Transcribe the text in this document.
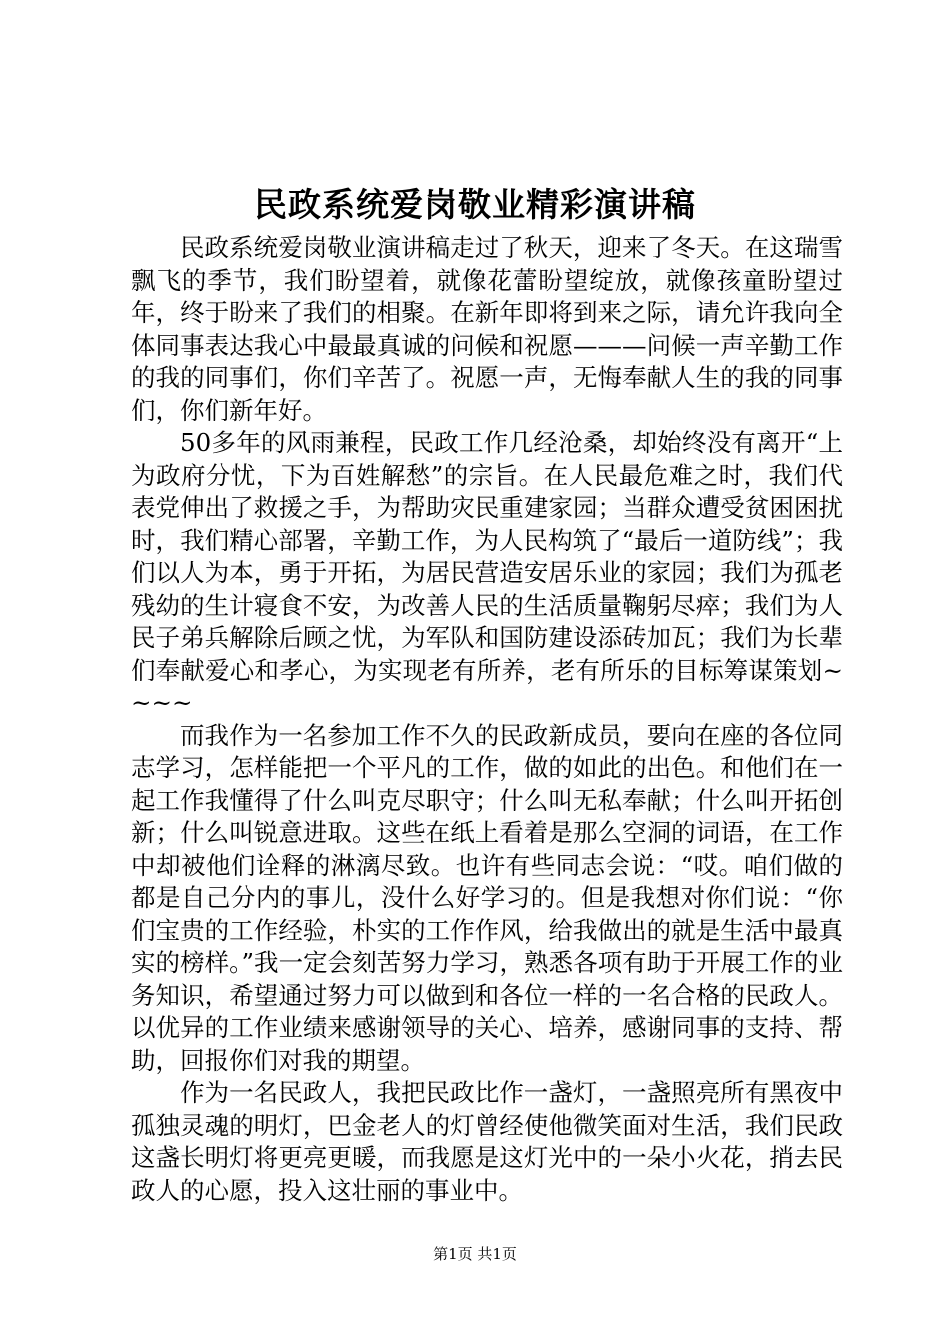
民政系统爱岗敬业精彩演讲稿

民政系统爱岗敬业演讲稿走过了秋天，迎来了冬天。在这瑞雪飘飞的季节，我们盼望着，就像花蕾盼望绽放，就像孩童盼望过年，终于盼来了我们的相聚。在新年即将到来之际，请允许我向全体同事表达我心中最最真诚的问候和祝愿———问候一声辛勤工作的我的同事们，你们辛苦了。祝愿一声，无悔奉献人生的我的同事们，你们新年好。

50多年的风雨兼程，民政工作几经沧桑，却始终没有离开“上为政府分忧，下为百姓解愁”的宗旨。在人民最危难之时，我们代表党伸出了救援之手，为帮助灾民重建家园；当群众遭受贫困困扰时，我们精心部署，辛勤工作，为人民构筑了“最后一道防线”；我们以人为本，勇于开拓，为居民营造安居乐业的家园；我们为孤老残幼的生计寝食不安，为改善人民的生活质量鞠躬尽瘁；我们为人民子弟兵解除后顾之忧，为军队和国防建设添砖加瓦；我们为长辈们奉献爱心和孝心，为实现老有所养，老有所乐的目标筹谋策划~~~~

而我作为一名参加工作不久的民政新成员，要向在座的各位同志学习，怎样能把一个平凡的工作，做的如此的出色。和他们在一起工作我懂得了什么叫克尽职守；什么叫无私奉献；什么叫开拓创新；什么叫锐意进取。这些在纸上看着是那么空洞的词语，在工作中却被他们诠释的淋漓尽致。也许有些同志会说：“哎。咱们做的都是自己分内的事儿，没什么好学习的。但是我想对你们说：“你们宝贵的工作经验，朴实的工作作风，给我做出的就是生活中最真实的榜样。”我一定会刻苦努力学习，熟悉各项有助于开展工作的业务知识，希望通过努力可以做到和各位一样的一名合格的民政人。以优异的工作业绩来感谢领导的关心、培养，感谢同事的支持、帮助，回报你们对我的期望。

作为一名民政人，我把民政比作一盏灯，一盏照亮所有黑夜中孤独灵魂的明灯，巴金老人的灯曾经使他微笑面对生活，我们民政这盏长明灯将更亮更暖，而我愿是这灯光中的一朵小火花，捎去民政人的心愿，投入这壮丽的事业中。

第1页 共1页
